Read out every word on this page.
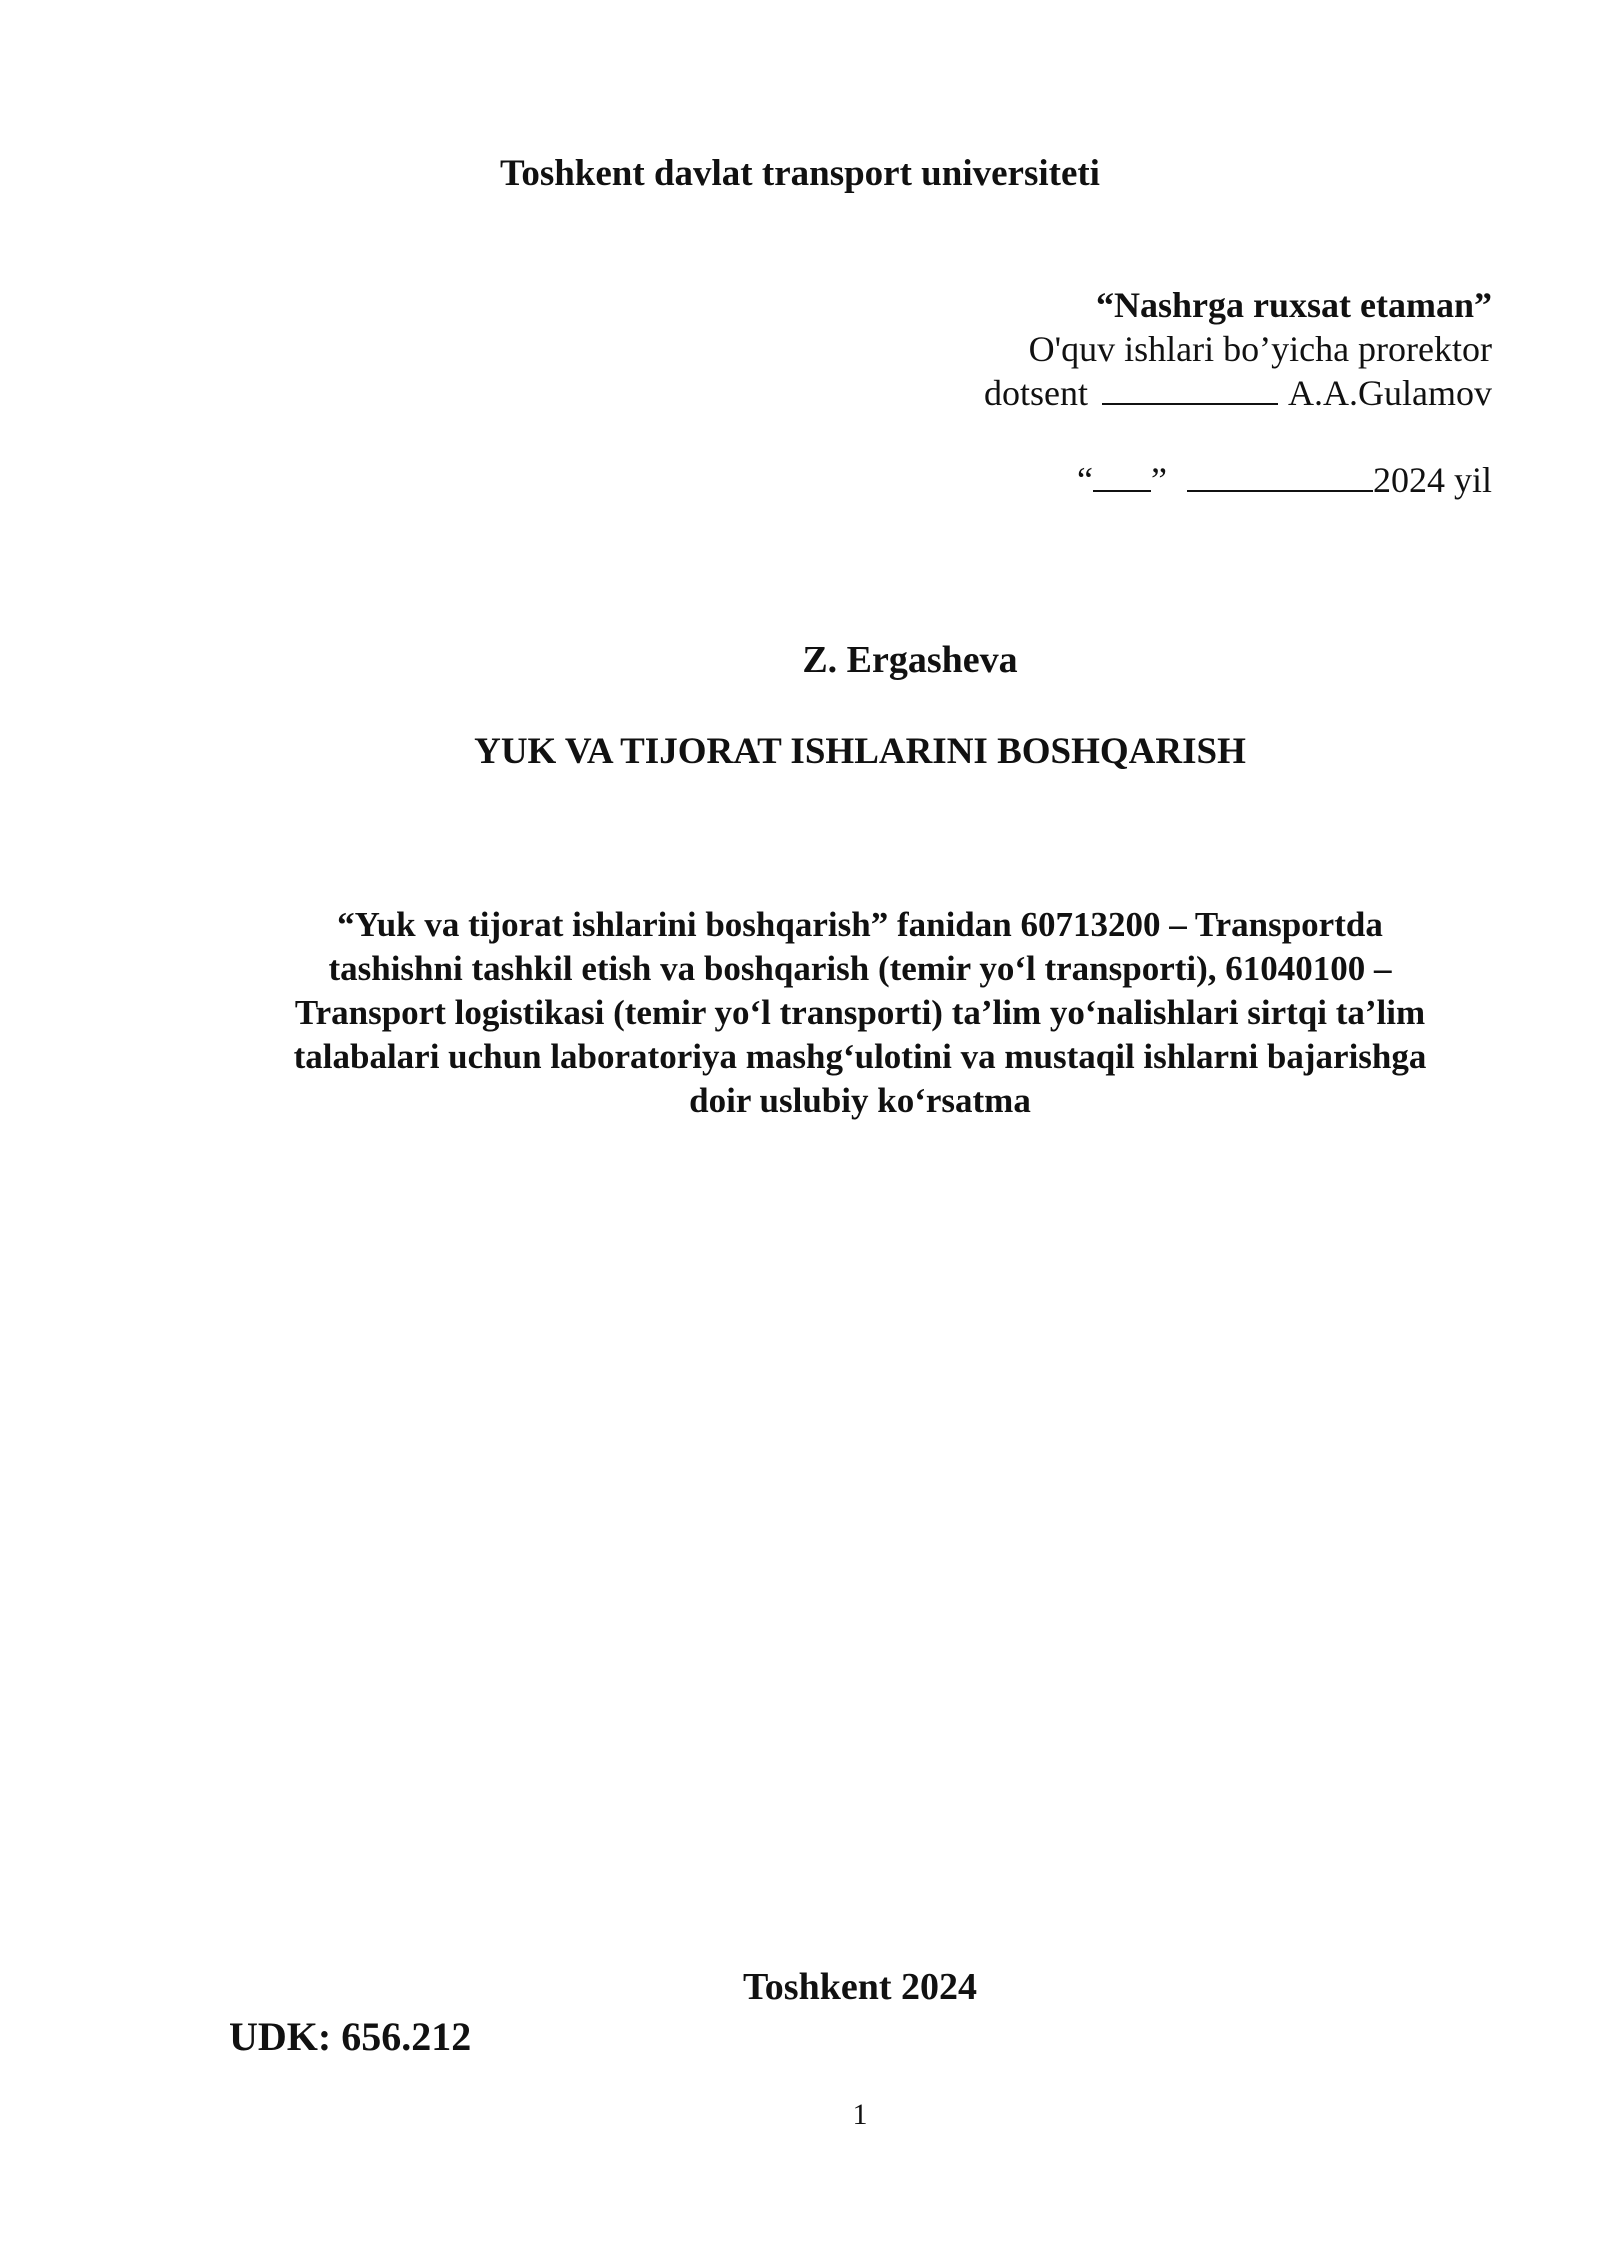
Toshkent davlat transport universiteti
“Nashrga ruxsat etaman”
O'quv ishlari bo’yicha prorektor
dotsent	A.A.Gulamov
“ ”	2024 yil
Z. Ergasheva
YUK VA TIJORAT ISHLARINI BOSHQARISH
“Yuk va tijorat ishlarini boshqarish” fanidan 60713200 – Transportda
tashishni tashkil etish va boshqarish (temir yo‘l transporti), 61040100 –
Transport logistikasi (temir yo‘l transporti) ta’lim yo‘nalishlari sirtqi ta’lim
talabalari uchun laboratoriya mashg‘ulotini va mustaqil ishlarni bajarishga
doir uslubiy ko‘rsatma
Toshkent 2024
UDK: 656.212
1
